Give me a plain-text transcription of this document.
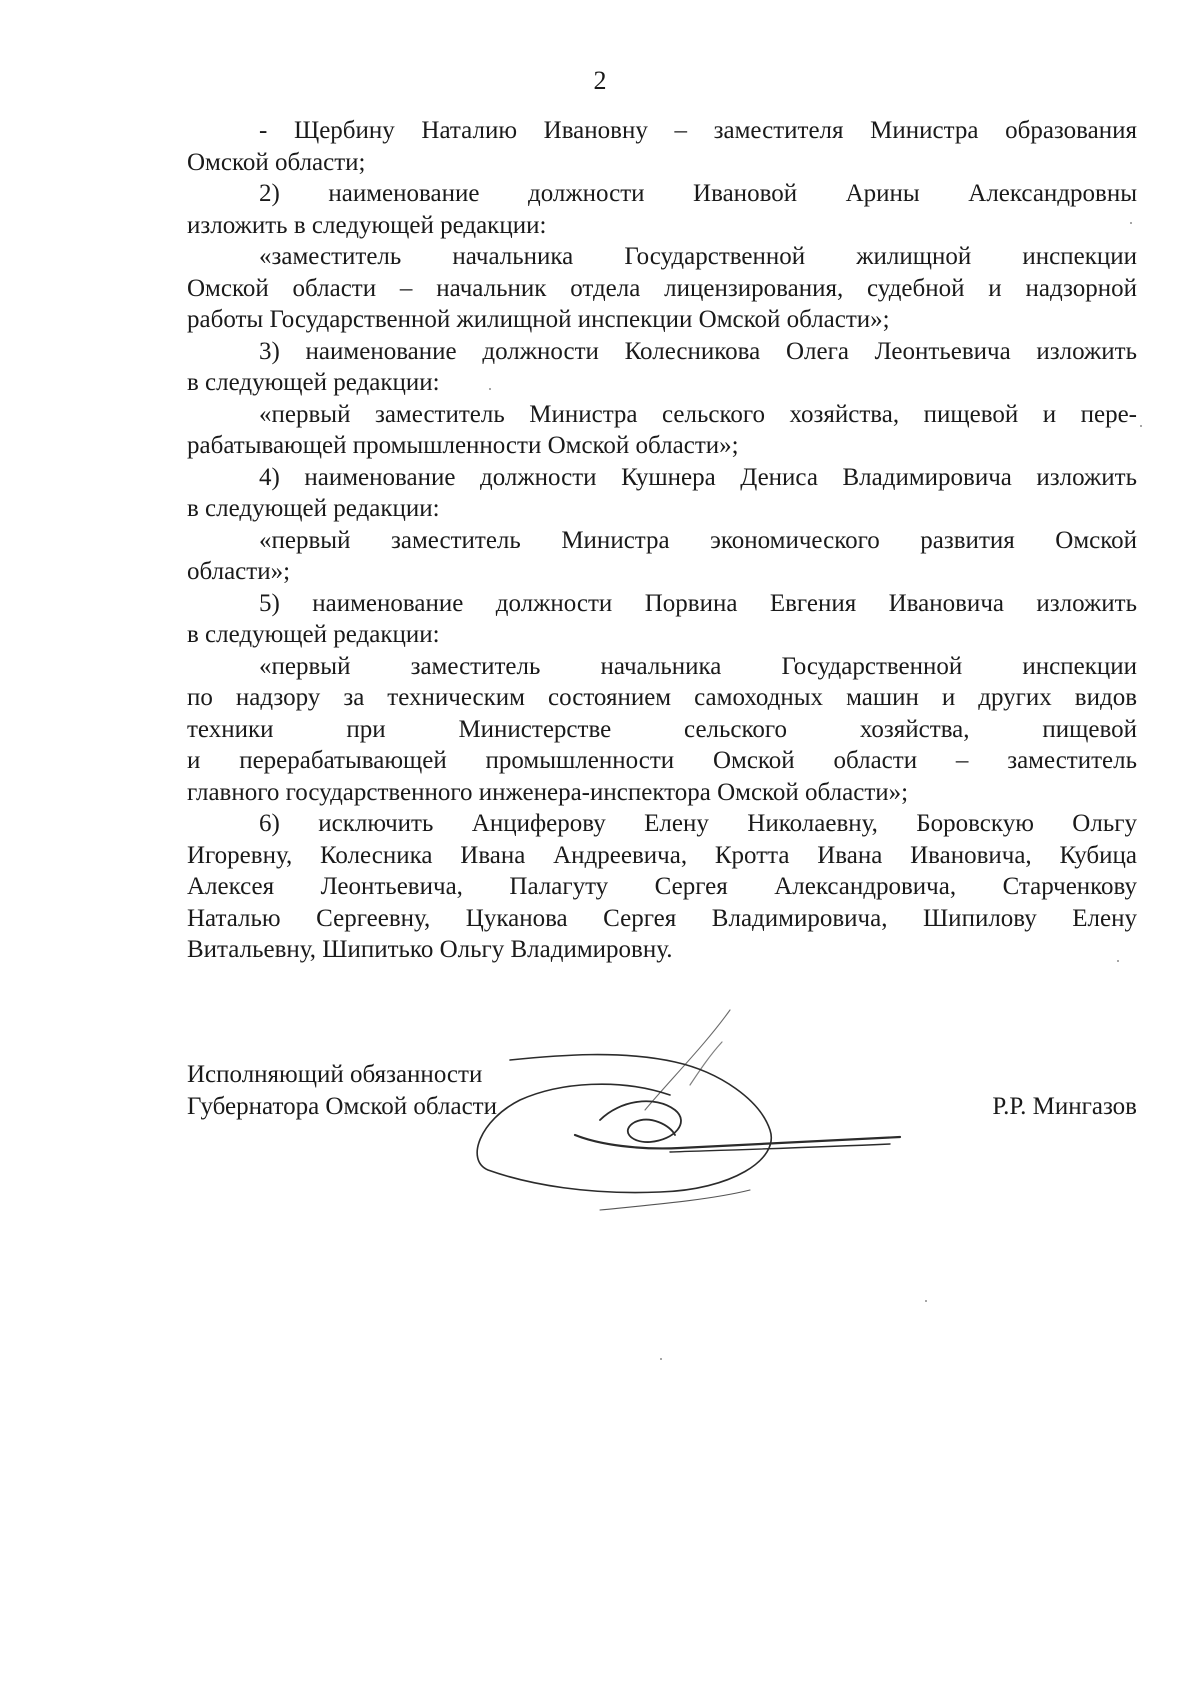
2
- Щербину Наталию Ивановну – заместителя Министра образования
Омской области;
2) наименование должности Ивановой Арины Александровны
изложить в следующей редакции:
«заместитель начальника Государственной жилищной инспекции
Омской области – начальник отдела лицензирования, судебной и надзорной
работы Государственной жилищной инспекции Омской области»;
3) наименование должности Колесникова Олега Леонтьевича изложить
в следующей редакции:
«первый заместитель Министра сельского хозяйства, пищевой и пере-
рабатывающей промышленности Омской области»;
4) наименование должности Кушнера Дениса Владимировича изложить
в следующей редакции:
«первый заместитель Министра экономического развития Омской
области»;
5) наименование должности Порвина Евгения Ивановича изложить
в следующей редакции:
«первый заместитель начальника Государственной инспекции
по надзору за техническим состоянием самоходных машин и других видов
техники при Министерстве сельского хозяйства, пищевой
и перерабатывающей промышленности Омской области – заместитель
главного государственного инженера-инспектора Омской области»;
6) исключить Анциферову Елену Николаевну, Боровскую Ольгу
Игоревну, Колесника Ивана Андреевича, Кротта Ивана Ивановича, Кубица
Алексея Леонтьевича, Палагуту Сергея Александровича, Старченкову
Наталью Сергеевну, Цуканова Сергея Владимировича, Шипилову Елену
Витальевну, Шипитько Ольгу Владимировну.
Исполняющий обязанности
Губернатора Омской области	Р.Р. Мингазов
